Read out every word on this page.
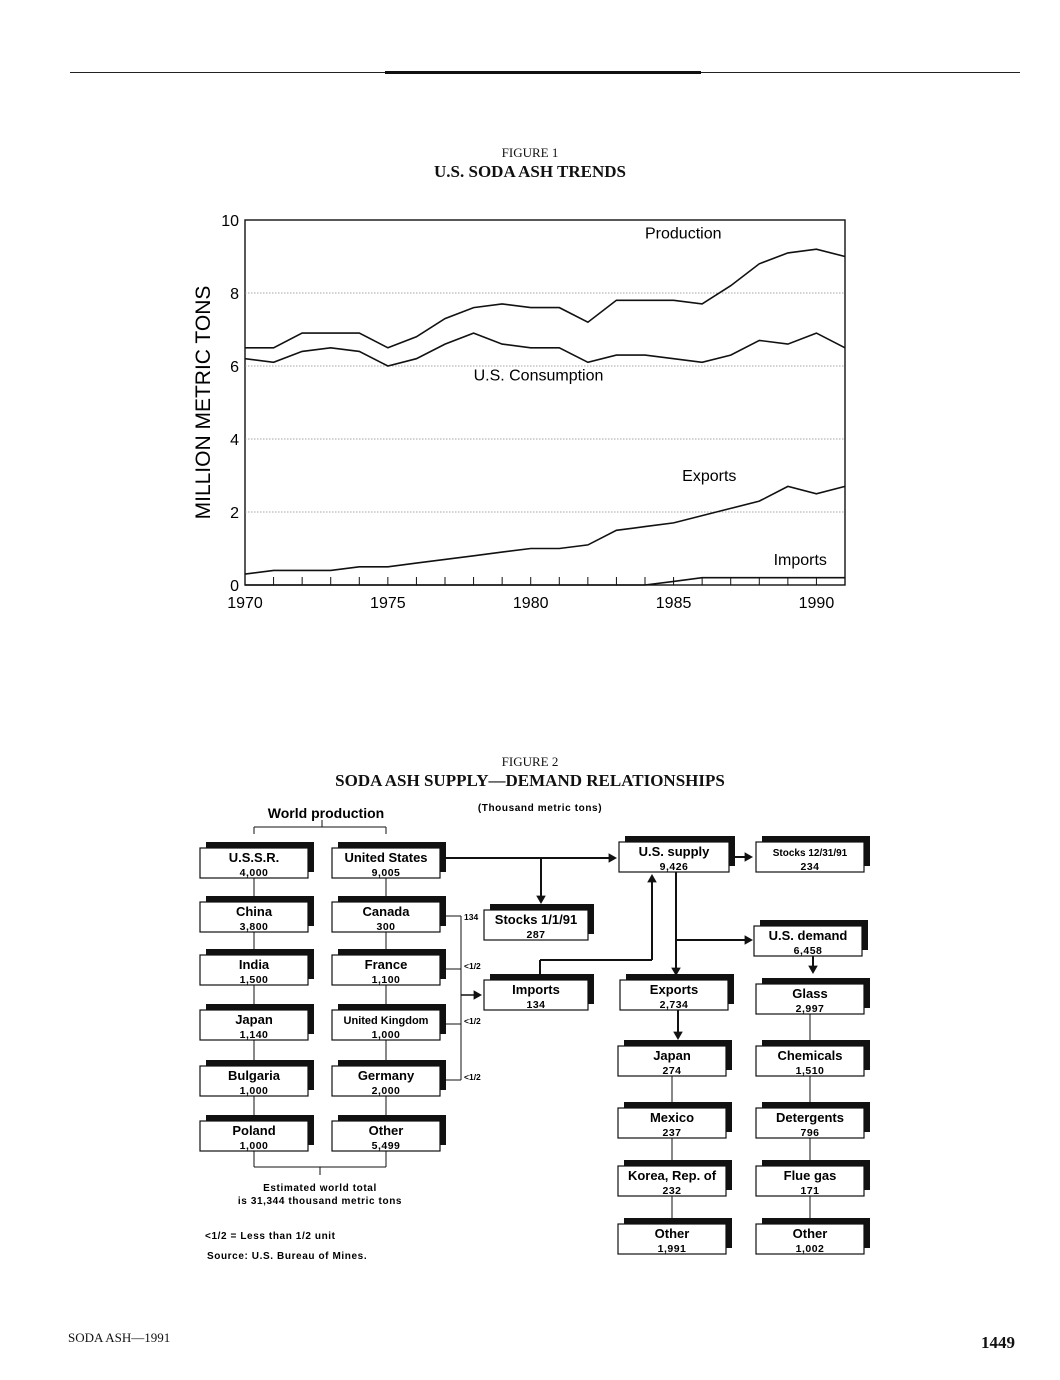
FIGURE 1
U.S. SODA ASH TRENDS
0
2
4
6
8
10
1970	1975	1980	1985	1990
MILLION METRIC TONS
Production
U.S. Consumption
Exports
Imports
FIGURE 2
SODA ASH SUPPLY—DEMAND RELATIONSHIPS
World production	(Thousand metric tons)
U.S.S.R.
4,000
China
3,800
India
1,500
Japan
1,140
Bulgaria
1,000
Poland
1,000
United States
9,005
Canada
300
France
1,100
United Kingdom
1,000
Germany
2,000
Other
5,499
Estimated world total
is 31,344 thousand metric tons
<1/2 = Less than 1/2 unit
Source: U.S. Bureau of Mines.
134
<1/2
<1/2
<1/2
Stocks 1/1/91
287
Imports
134
U.S. supply
9,426
Stocks 12/31/91
234
U.S. demand
6,458
Exports
2,734
Japan
274
Mexico
237
Korea, Rep. of
232
Other
1,991
Glass
2,997
Chemicals
1,510
Detergents
796
Flue gas
171
Other
1,002
SODA ASH—1991	1449
